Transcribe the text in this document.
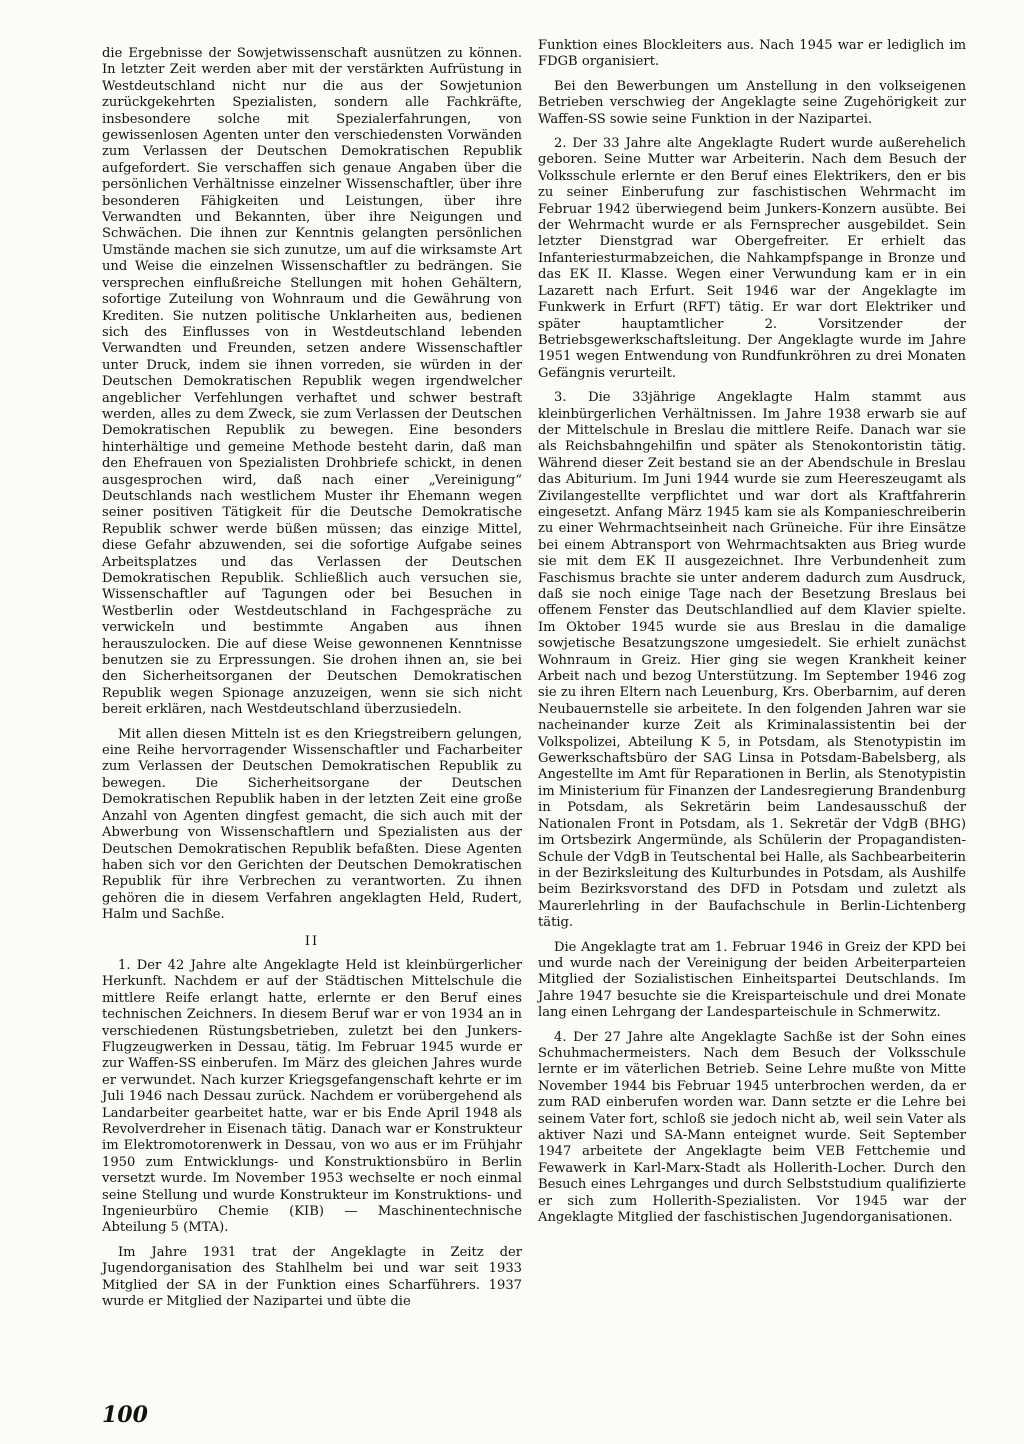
die Ergebnisse der Sowjetwissenschaft ausnützen zu können. In letzter Zeit werden aber mit der verstärkten Aufrüstung in Westdeutschland nicht nur die aus der Sowjetunion zurückgekehrten Spezialisten, sondern alle Fachkräfte, insbesondere solche mit Spezialerfahrungen, von gewissenlosen Agenten unter den verschiedensten Vorwänden zum Verlassen der Deutschen Demokratischen Republik aufgefordert. Sie verschaffen sich genaue Angaben über die persönlichen Verhältnisse einzelner Wissenschaftler, über ihre besonderen Fähigkeiten und Leistungen, über ihre Verwandten und Bekannten, über ihre Neigungen und Schwächen. Die ihnen zur Kenntnis gelangten persönlichen Umstände machen sie sich zunutze, um auf die wirksamste Art und Weise die einzelnen Wissenschaftler zu bedrängen. Sie versprechen einflußreiche Stellungen mit hohen Gehältern, sofortige Zuteilung von Wohnraum und die Gewährung von Krediten. Sie nutzen politische Unklarheiten aus, bedienen sich des Einflusses von in Westdeutschland lebenden Verwandten und Freunden, setzen andere Wissenschaftler unter Druck, indem sie ihnen vorreden, sie würden in der Deutschen Demokratischen Republik wegen irgendwelcher angeblicher Verfehlungen verhaftet und schwer bestraft werden, alles zu dem Zweck, sie zum Verlassen der Deutschen Demokratischen Republik zu bewegen. Eine besonders hinterhältige und gemeine Methode besteht darin, daß man den Ehefrauen von Spezialisten Drohbriefe schickt, in denen ausgesprochen wird, daß nach einer „Vereinigung“ Deutschlands nach westlichem Muster ihr Ehemann wegen seiner positiven Tätigkeit für die Deutsche Demokratische Republik schwer werde büßen müssen; das einzige Mittel, diese Gefahr abzuwenden, sei die sofortige Aufgabe seines Arbeitsplatzes und das Verlassen der Deutschen Demokratischen Republik. Schließlich auch versuchen sie, Wissenschaftler auf Tagungen oder bei Besuchen in Westberlin oder Westdeutschland in Fachgespräche zu verwickeln und bestimmte Angaben aus ihnen herauszulocken. Die auf diese Weise gewonnenen Kenntnisse benutzen sie zu Erpressungen. Sie drohen ihnen an, sie bei den Sicherheitsorganen der Deutschen Demokratischen Republik wegen Spionage anzuzeigen, wenn sie sich nicht bereit erklären, nach Westdeutschland überzusiedeln.

Mit allen diesen Mitteln ist es den Kriegstreibern gelungen, eine Reihe hervorragender Wissenschaftler und Facharbeiter zum Verlassen der Deutschen Demokratischen Republik zu bewegen. Die Sicherheitsorgane der Deutschen Demokratischen Republik haben in der letzten Zeit eine große Anzahl von Agenten dingfest gemacht, die sich auch mit der Abwerbung von Wissenschaftlern und Spezialisten aus der Deutschen Demokratischen Republik befaßten. Diese Agenten haben sich vor den Gerichten der Deutschen Demokratischen Republik für ihre Verbrechen zu verantworten. Zu ihnen gehören die in diesem Verfahren angeklagten Held, Rudert, Halm und Sachße.

II

1. Der 42 Jahre alte Angeklagte Held ist kleinbürgerlicher Herkunft. Nachdem er auf der Städtischen Mittelschule die mittlere Reife erlangt hatte, erlernte er den Beruf eines technischen Zeichners. In diesem Beruf war er von 1934 an in verschiedenen Rüstungsbetrieben, zuletzt bei den Junkers-Flugzeugwerken in Dessau, tätig. Im Februar 1945 wurde er zur Waffen-SS einberufen. Im März des gleichen Jahres wurde er verwundet. Nach kurzer Kriegsgefangenschaft kehrte er im Juli 1946 nach Dessau zurück. Nachdem er vorübergehend als Landarbeiter gearbeitet hatte, war er bis Ende April 1948 als Revolverdreher in Eisenach tätig. Danach war er Konstrukteur im Elektromotorenwerk in Dessau, von wo aus er im Frühjahr 1950 zum Entwicklungs- und Konstruktionsbüro in Berlin versetzt wurde. Im November 1953 wechselte er noch einmal seine Stellung und wurde Konstrukteur im Konstruktions- und Ingenieurbüro Chemie (KIB) — Maschinentechnische Abteilung 5 (MTA).

Im Jahre 1931 trat der Angeklagte in Zeitz der Jugendorganisation des Stahlhelm bei und war seit 1933 Mitglied der SA in der Funktion eines Scharführers. 1937 wurde er Mitglied der Nazipartei und übte die

Funktion eines Blockleiters aus. Nach 1945 war er lediglich im FDGB organisiert.

Bei den Bewerbungen um Anstellung in den volkseigenen Betrieben verschwieg der Angeklagte seine Zugehörigkeit zur Waffen-SS sowie seine Funktion in der Nazipartei.

2. Der 33 Jahre alte Angeklagte Rudert wurde außerehelich geboren. Seine Mutter war Arbeiterin. Nach dem Besuch der Volksschule erlernte er den Beruf eines Elektrikers, den er bis zu seiner Einberufung zur faschistischen Wehrmacht im Februar 1942 überwiegend beim Junkers-Konzern ausübte. Bei der Wehrmacht wurde er als Fernsprecher ausgebildet. Sein letzter Dienstgrad war Obergefreiter. Er erhielt das Infanteriesturmabzeichen, die Nahkampfspange in Bronze und das EK II. Klasse. Wegen einer Verwundung kam er in ein Lazarett nach Erfurt. Seit 1946 war der Angeklagte im Funkwerk in Erfurt (RFT) tätig. Er war dort Elektriker und später hauptamtlicher 2. Vorsitzender der Betriebsgewerkschaftsleitung. Der Angeklagte wurde im Jahre 1951 wegen Entwendung von Rundfunkröhren zu drei Monaten Gefängnis verurteilt.

3. Die 33jährige Angeklagte Halm stammt aus kleinbürgerlichen Verhältnissen. Im Jahre 1938 erwarb sie auf der Mittelschule in Breslau die mittlere Reife. Danach war sie als Reichsbahngehilfin und später als Stenokontoristin tätig. Während dieser Zeit bestand sie an der Abendschule in Breslau das Abiturium. Im Juni 1944 wurde sie zum Heereszeugamt als Zivilangestellte verpflichtet und war dort als Kraftfahrerin eingesetzt. Anfang März 1945 kam sie als Kompanieschreiberin zu einer Wehrmachtseinheit nach Grüneiche. Für ihre Einsätze bei einem Abtransport von Wehrmachtsakten aus Brieg wurde sie mit dem EK II ausgezeichnet. Ihre Verbundenheit zum Faschismus brachte sie unter anderem dadurch zum Ausdruck, daß sie noch einige Tage nach der Besetzung Breslaus bei offenem Fenster das Deutschlandlied auf dem Klavier spielte. Im Oktober 1945 wurde sie aus Breslau in die damalige sowjetische Besatzungszone umgesiedelt. Sie erhielt zunächst Wohnraum in Greiz. Hier ging sie wegen Krankheit keiner Arbeit nach und bezog Unterstützung. Im September 1946 zog sie zu ihren Eltern nach Leuenburg, Krs. Oberbarnim, auf deren Neubauernstelle sie arbeitete. In den folgenden Jahren war sie nacheinander kurze Zeit als Kriminalassistentin bei der Volkspolizei, Abteilung K 5, in Potsdam, als Stenotypistin im Gewerkschaftsbüro der SAG Linsa in Potsdam-Babelsberg, als Angestellte im Amt für Reparationen in Berlin, als Stenotypistin im Ministerium für Finanzen der Landesregierung Brandenburg in Potsdam, als Sekretärin beim Landesausschuß der Nationalen Front in Potsdam, als 1. Sekretär der VdgB (BHG) im Ortsbezirk Angermünde, als Schülerin der Propagandisten-Schule der VdgB in Teutschental bei Halle, als Sachbearbeiterin in der Bezirksleitung des Kulturbundes in Potsdam, als Aushilfe beim Bezirksvorstand des DFD in Potsdam und zuletzt als Maurerlehrling in der Baufachschule in Berlin-Lichtenberg tätig.

Die Angeklagte trat am 1. Februar 1946 in Greiz der KPD bei und wurde nach der Vereinigung der beiden Arbeiterparteien Mitglied der Sozialistischen Einheitspartei Deutschlands. Im Jahre 1947 besuchte sie die Kreisparteischule und drei Monate lang einen Lehrgang der Landesparteischule in Schmerwitz.

4. Der 27 Jahre alte Angeklagte Sachße ist der Sohn eines Schuhmachermeisters. Nach dem Besuch der Volksschule lernte er im väterlichen Betrieb. Seine Lehre mußte von Mitte November 1944 bis Februar 1945 unterbrochen werden, da er zum RAD einberufen worden war. Dann setzte er die Lehre bei seinem Vater fort, schloß sie jedoch nicht ab, weil sein Vater als aktiver Nazi und SA-Mann enteignet wurde. Seit September 1947 arbeitete der Angeklagte beim VEB Fettchemie und Fewawerk in Karl-Marx-Stadt als Hollerith-Locher. Durch den Besuch eines Lehrganges und durch Selbststudium qualifizierte er sich zum Hollerith-Spezialisten. Vor 1945 war der Angeklagte Mitglied der faschistischen Jugendorganisationen.

100
